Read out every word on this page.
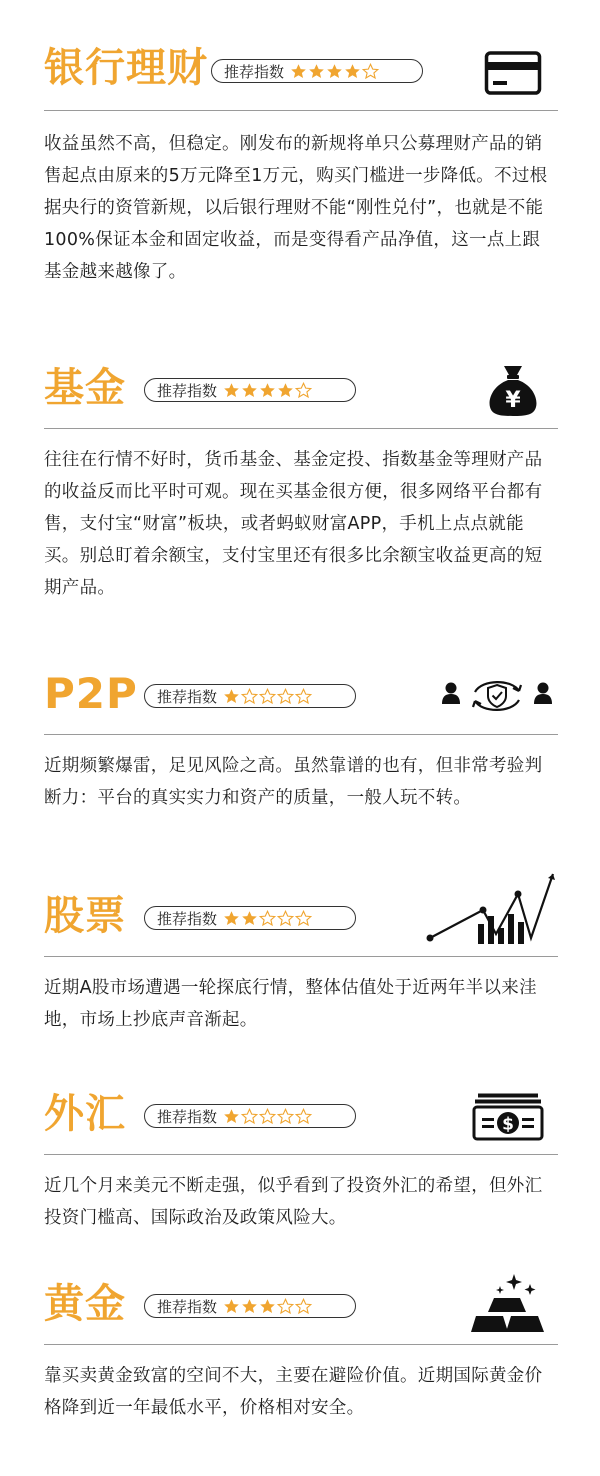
银行理财 推荐指数

收益虽然不高，但稳定。刚发布的新规将单只公募理财产品的销售起点由原来的5万元降至1万元，购买门槛进一步降低。不过根据央行的资管新规，以后银行理财不能“刚性兑付”，也就是不能100%保证本金和固定收益，而是变得看产品净值，这一点上跟基金越来越像了。

基金 推荐指数	¥

往往在行情不好时，货币基金、基金定投、指数基金等理财产品的收益反而比平时可观。现在买基金很方便，很多网络平台都有售，支付宝“财富”板块，或者蚂蚁财富APP，手机上点点就能买。别总盯着余额宝，支付宝里还有很多比余额宝收益更高的短期产品。

P2P 推荐指数

近期频繁爆雷，足见风险之高。虽然靠谱的也有，但非常考验判断力：平台的真实实力和资产的质量，一般人玩不转。

股票 推荐指数

近期A股市场遭遇一轮探底行情，整体估值处于近两年半以来洼地，市场上抄底声音渐起。

外汇 推荐指数	$

近几个月来美元不断走强，似乎看到了投资外汇的希望，但外汇投资门槛高、国际政治及政策风险大。

黄金 推荐指数

靠买卖黄金致富的空间不大，主要在避险价值。近期国际黄金价格降到近一年最低水平，价格相对安全。
